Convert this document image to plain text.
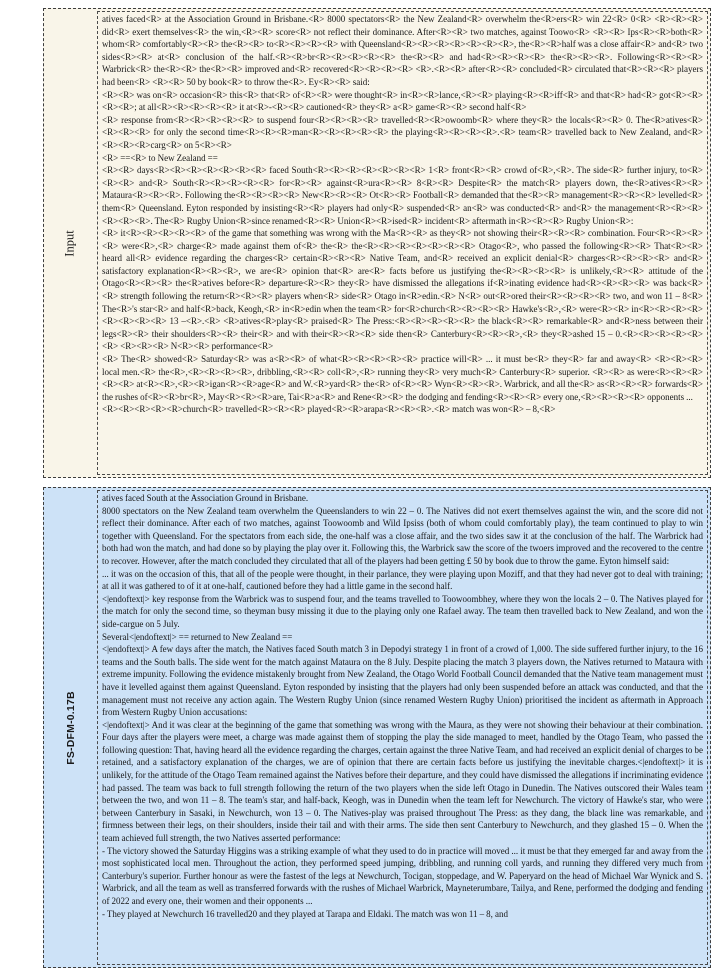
Input
atives faced<R> at the Association Ground in Brisbane.<R> 8000 spectators<R> the New Zealand<R> overwhelm the<R>ers<R> win 22<R> 0<R> <R><R><R> did<R> exert themselves<R> the win,<R><R> score<R> not reflect their dominance. After<R><R> two matches, against Toowo<R> <R><R> Ips<R><R>both<R> whom<R> comfortably<R><R> the<R><R> to<R><R><R><R> with Queensland<R><R><R><R><R><R><R>, the<R><R>half was a close affair<R> and<R> two sides<R><R> at<R> conclusion of the half.<R><R>br<R><R><R><R><R> the<R><R> and had<R><R><R><R> the<R><R><R>. Following<R><R><R> Warbrick<R> the<R><R> the<R><R> improved and<R> recovered<R><R><R><R> <R>.<R><R> after<R><R> concluded<R> circulated that<R><R><R> players had been<R> <R><R> 50 by book<R> to throw the<R>. Ey<R><R> said:
<R><R> was on<R> occasion<R> this<R> that<R> of<R><R> were thought<R> in<R><R>lance,<R><R> playing<R><R>iff<R> and that<R> had<R> got<R><R><R><R>; at all<R><R><R><R><R> it at<R>-<R><R> cautioned<R> they<R> a<R> game<R><R> second half<R>
<R> response from<R><R><R><R><R> to suspend four<R><R><R><R> travelled<R><R>owoomb<R> where they<R> the locals<R><R> 0. The<R>atives<R><R><R><R> for only the second time<R><R><R>man<R><R><R><R><R> the playing<R><R><R><R>.<R> team<R> travelled back to New Zealand, and<R><R><R><R>carg<R> on 5<R><R>
<R> ==<R> to New Zealand ==
<R><R> days<R><R><R><R><R><R><R> faced South<R><R><R><R><R><R><R> 1<R> front<R><R> crowd of<R>,<R>. The side<R> further injury, to<R><R><R> and<R> South<R><R><R><R><R> for<R><R> against<R>ura<R><R> 8<R><R> Despite<R> the match<R> players down, the<R>atives<R><R> Mataura<R><R><R>. Following the<R><R><R><R> New<R><R><R> Ot<R><R> Football<R> demanded that the<R><R> management<R><R><R> levelled<R> them<R> Queensland. Eyton responded by insisting<R><R> players had only<R> suspended<R> an<R> was conducted<R> and<R> the management<R><R><R><R><R><R>. The<R> Rugby Union<R>since renamed<R><R> Union<R><R>ised<R> incident<R> aftermath in<R><R><R> Rugby Union<R>:
<R> it<R><R><R><R><R> of the game that something was wrong with the Ma<R><R> as they<R> not showing their<R><R><R> combination. Four<R><R><R><R> were<R>,<R> charge<R> made against them of<R> the<R> the<R><R><R><R><R><R><R> Otago<R>, who passed the following<R><R> That<R><R> heard all<R> evidence regarding the charges<R> certain<R><R><R> Native Team, and<R> received an explicit denial<R> charges<R><R><R><R> and<R> satisfactory explanation<R><R><R>, we are<R> opinion that<R> are<R> facts before us justifying the<R><R><R><R> is unlikely,<R><R> attitude of the Otago<R><R><R> the<R>atives before<R> departure<R><R> they<R> have dismissed the allegations if<R>inating evidence had<R><R><R><R> was back<R><R> strength following the return<R><R><R> players when<R> side<R> Otago in<R>edin.<R> N<R> out<R>ored their<R><R><R><R> two, and won 11 – 8<R> The<R>'s star<R> and half<R>back, Keogh,<R> in<R>edin when the team<R> for<R>church<R><R><R><R> Hawke's<R>,<R> were<R><R> in<R><R><R><R><R><R><R><R> 13 –<R>.<R> <R>atives<R>play<R> praised<R> The Press:<R><R><R><R><R> the black<R><R> remarkable<R> and<R>ness between their legs<R><R> their shoulders<R><R> their<R> and with their<R><R><R> side then<R> Canterbury<R><R><R>,<R> they<R>ashed 15 – 0.<R><R><R><R><R><R> <R><R><R> N<R><R> performance<R>
<R> The<R> showed<R> Saturday<R> was a<R><R> of what<R><R><R><R><R> practice will<R> ... it must be<R> they<R> far and away<R> <R><R><R> local men.<R> the<R>,<R><R><R><R>, dribbling,<R><R> coll<R>,<R> running they<R> very much<R> Canterbury<R> superior. <R><R> as were<R><R><R><R><R> at<R><R>,<R><R>igan<R><R>age<R> and W.<R>yard<R> the<R> of<R><R> Wyn<R><R><R>. Warbrick, and all the<R> as<R><R><R> forwards<R> the rushes of<R><R>br<R>, May<R><R><R>are, Tai<R>a<R> and Rene<R><R> the dodging and fending<R><R><R> every one,<R><R><R><R> opponents ...
<R><R><R><R><R>church<R> travelled<R><R><R> played<R><R>arapa<R><R><R>.<R> match was won<R> – 8,<R>
FS-DFM-0.17B
atives faced South at the Association Ground in Brisbane.
8000 spectators on the New Zealand team overwhelm the Queenslanders to win 22 – 0. The Natives did not exert themselves against the win, and the score did not reflect their dominance. After each of two matches, against Toowoomb and Wild Ipsiss (both of whom could comfortably play), the team continued to play to win together with Queensland. For the spectators from each side, the one-half was a close affair, and the two sides saw it at the conclusion of the half. The Warbrick had both had won the match, and had done so by playing the play over it. Following this, the Warbrick saw the score of the twoers improved and the recovered to the centre to recover. However, after the match concluded they circulated that all of the players had been getting £ 50 by book due to throw the game. Eyton himself said:
... it was on the occasion of this, that all of the people were thought, in their parlance, they were playing upon Moziff, and that they had never got to deal with training; at all it was gathered to of it at one-half, cautioned before they had a little game in the second half.
<|endoftext|> key response from the Warbrick was to suspend four, and the teams travelled to Toowoombhey, where they won the locals 2 – 0. The Natives played for the match for only the second time, so theyman busy missing it due to the playing only one Rafael away. The team then travelled back to New Zealand, and won the side-cargue on 5 July.
Several<|endoftext|> == returned to New Zealand ==
<|endoftext|> A few days after the match, the Natives faced South match 3 in Depodyi strategy 1 in front of a crowd of 1,000. The side suffered further injury, to the 16 teams and the South balls. The side went for the match against Mataura on the 8 July. Despite placing the match 3 players down, the Natives returned to Mataura with extreme impunity. Following the evidence mistakenly brought from New Zealand, the Otago World Football Council demanded that the Native team management must have it levelled against them against Queensland. Eyton responded by insisting that the players had only been suspended before an attack was conducted, and that the management must not receive any action again. The Western Rugby Union (since renamed Western Rugby Union) prioritised the incident as aftermath in Approach from Western Rugby Union accusations:
<|endoftext|> And it was clear at the beginning of the game that something was wrong with the Maura, as they were not showing their behaviour at their combination. Four days after the players were meet, a charge was made against them of stopping the play the side managed to meet, handled by the Otago Team, who passed the following question: That, having heard all the evidence regarding the charges, certain against the three Native Team, and had received an explicit denial of charges to be retained, and a satisfactory explanation of the charges, we are of opinion that there are certain facts before us justifying the inevitable charges.<|endoftext|> it is unlikely, for the attitude of the Otago Team remained against the Natives before their departure, and they could have dismissed the allegations if incriminating evidence had passed. The team was back to full strength following the return of the two players when the side left Otago in Dunedin. The Natives outscored their Wales team between the two, and won 11 – 8. The team's star, and half-back, Keogh, was in Dunedin when the team left for Newchurch. The victory of Hawke's star, who were between Canterbury in Sasaki, in Newchurch, won 13 – 0. The Natives-play was praised throughout The Press: as they dang, the black line was remarkable, and firmness between their legs, on their shoulders, inside their tail and with their arms. The side then sent Canterbury to Newchurch, and they glashed 15 – 0. When the team achieved full strength, the two Natives asserted performance:
- The victory showed the Saturday Higgins was a striking example of what they used to do in practice will moved ... it must be that they emerged far and away from the most sophisticated local men. Throughout the action, they performed speed jumping, dribbling, and running coll yards, and running they differed very much from Canterbury's superior. Further honour as were the fastest of the legs at Newchurch, Tocigan, stoppedage, and W. Paperyard on the head of Michael War Wynick and S. Warbrick, and all the team as well as transferred forwards with the rushes of Michael Warbrick, Mayneterumbare, Tailya, and Rene, performed the dodging and fending of 2022 and every one, their women and their opponents ...
- They played at Newchurch 16 travelled20 and they played at Tarapa and Eldaki. The match was won 11 – 8, and
